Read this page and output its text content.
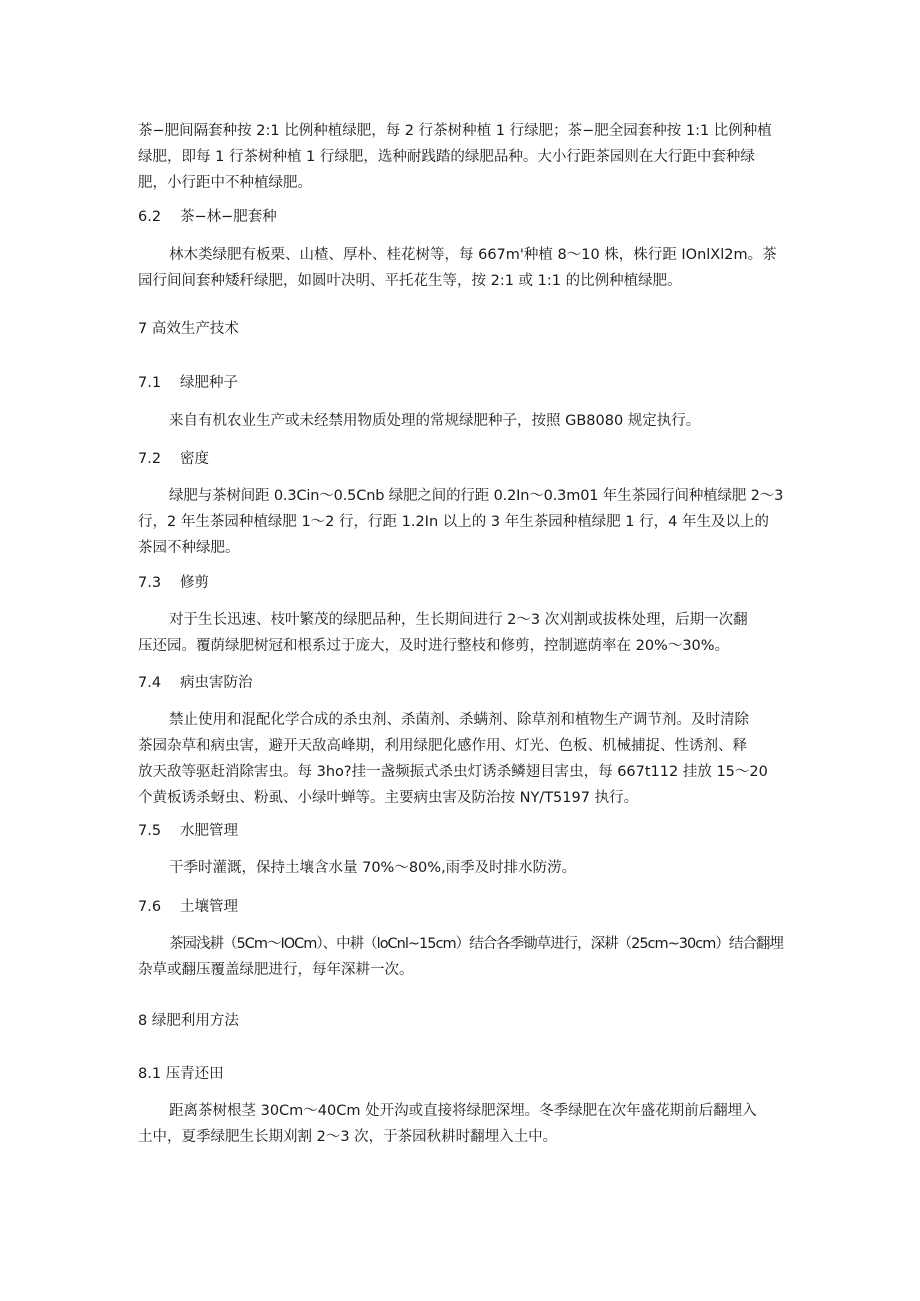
茶−肥间隔套种按 2:1 比例种植绿肥，每 2 行茶树种植 1 行绿肥；茶−肥全园套种按 1:1 比例种植
绿肥，即每 1 行茶树种植 1 行绿肥，选种耐践踏的绿肥品种。大小行距茶园则在大行距中套种绿
肥，小行距中不种植绿肥。
6.2 茶−林−肥套种
林木类绿肥有板栗、山楂、厚朴、桂花树等，每 667m'种植 8～10 株，株行距 IOnlXl2m。茶
园行间间套种矮秆绿肥，如圆叶决明、平托花生等，按 2:1 或 1:1 的比例种植绿肥。
7 高效生产技术
7.1 绿肥种子
来自有机农业生产或未经禁用物质处理的常规绿肥种子，按照 GB8080 规定执行。
7.2 密度
绿肥与茶树间距 0.3Cin～0.5Cnb 绿肥之间的行距 0.2In～0.3m01 年生茶园行间种植绿肥 2～3
行，2 年生茶园种植绿肥 1～2 行，行距 1.2In 以上的 3 年生茶园种植绿肥 1 行，4 年生及以上的
茶园不种绿肥。
7.3 修剪
对于生长迅速、枝叶繁茂的绿肥品种，生长期间进行 2～3 次刈割或拔株处理，后期一次翻
压还园。覆荫绿肥树冠和根系过于庞大，及时进行整枝和修剪，控制遮荫率在 20%～30%。
7.4 病虫害防治
禁止使用和混配化学合成的杀虫剂、杀菌剂、杀螨剂、除草剂和植物生产调节剂。及时清除
茶园杂草和病虫害，避开天敌高峰期，利用绿肥化感作用、灯光、色板、机械捕捉、性诱剂、释
放天敌等驱赶消除害虫。每 3ho?挂一盏频振式杀虫灯诱杀鳞翅目害虫，每 667t112 挂放 15～20
个黄板诱杀蚜虫、粉虱、小绿叶蝉等。主要病虫害及防治按 NY/T5197 执行。
7.5 水肥管理
干季时灌溉，保持土壤含水量 70%～80%,雨季及时排水防涝。
7.6 土壤管理
茶园浅耕（5Cm～IOCm）、中耕（loCnl~15cm）结合各季锄草进行，深耕（25cm~30cm）结合翻埋
杂草或翻压覆盖绿肥进行，每年深耕一次。
8 绿肥利用方法
8.1 压青还田
距离茶树根茎 30Cm～40Cm 处开沟或直接将绿肥深埋。冬季绿肥在次年盛花期前后翻埋入
土中，夏季绿肥生长期刈割 2～3 次，于茶园秋耕时翻埋入土中。
